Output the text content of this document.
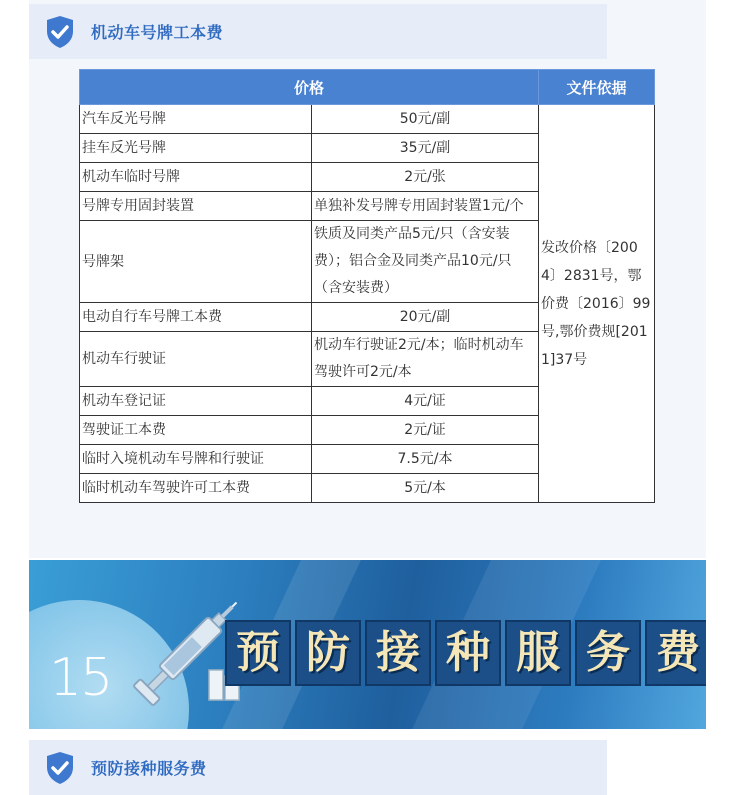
机动车号牌工本费
价格		文件依据
汽车反光号牌	50元/副	发改价格〔2004〕2831号，鄂价费〔2016〕99号,鄂价费规[2011]37号
挂车反光号牌	35元/副	
机动车临时号牌	2元/张	
号牌专用固封装置	单独补发号牌专用固封装置1元/个	
号牌架	铁质及同类产品5元/只（含安装费）；铝合金及同类产品10元/只（含安装费）	
电动自行车号牌工本费	20元/副	
机动车行驶证	机动车行驶证2元/本；临时机动车驾驶许可2元/本	
机动车登记证	4元/证	
驾驶证工本费	2元/证	
临时入境机动车号牌和行驶证	7.5元/本	
临时机动车驾驶许可工本费	5元/本	
15	预 防 接 种 服 务 费
预防接种服务费
